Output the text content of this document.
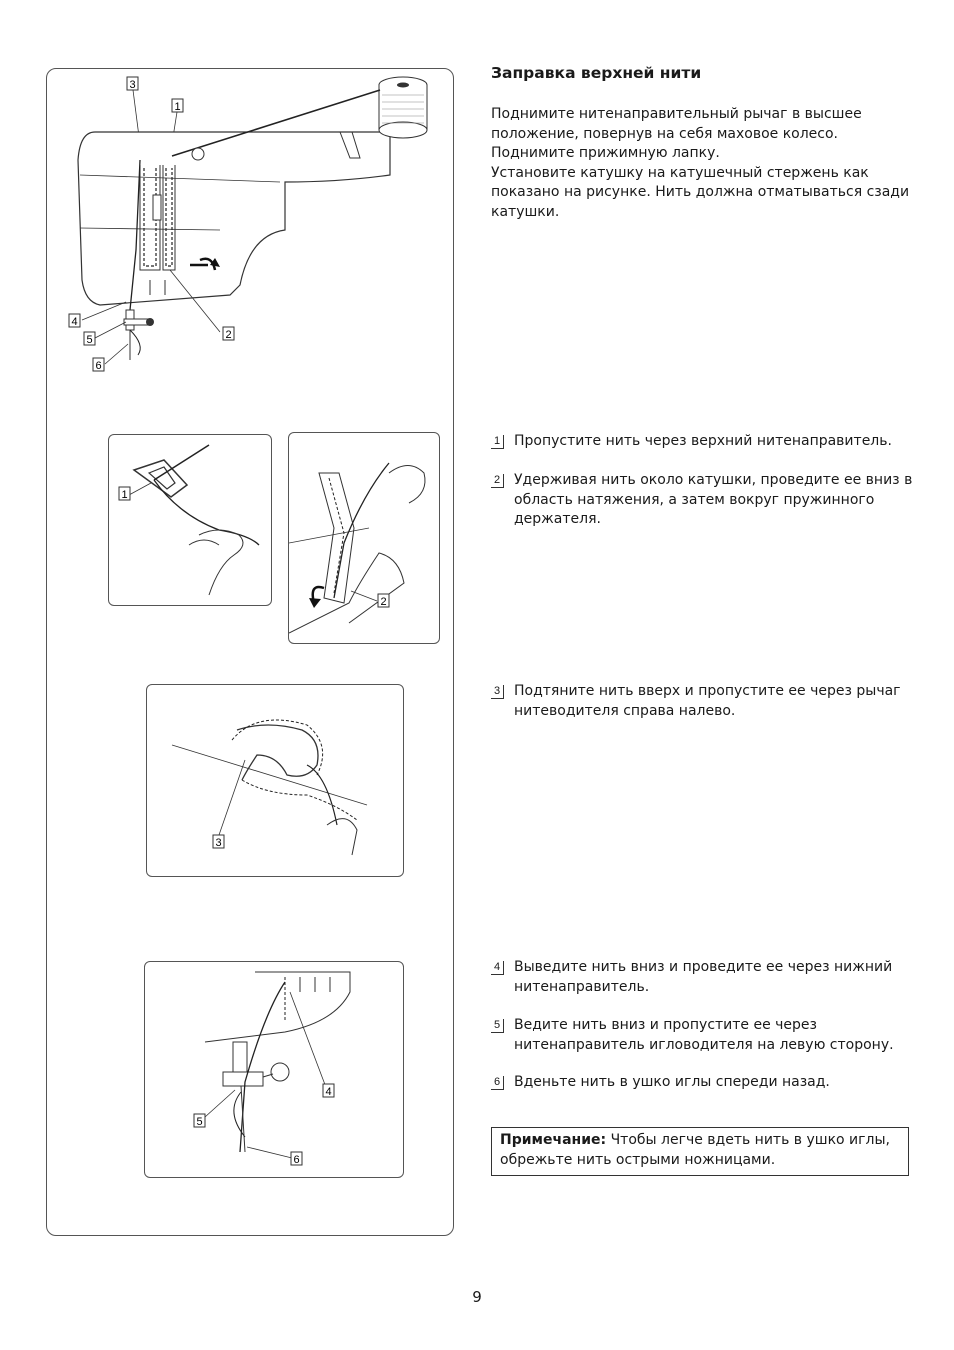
3
1
4
5
6
2
1
2
3
4
5
6
Заправка верхней нити
Поднимите нитенаправительный рычаг в высшее
положение, повернув на себя маховое колесо.
Поднимите прижимную лапку.
Установите катушку на катушечный стержень как
показано на рисунке. Нить должна отматываться сзади
катушки.
1 Пропустите нить через верхний нитенаправитель.
2 Удерживая нить около катушки, проведите ее вниз в
область натяжения, а затем вокруг пружинного
держателя.
3 Подтяните нить вверх и пропустите ее через рычаг
нитеводителя справа налево.
4 Выведите нить вниз и проведите ее через нижний
нитенаправитель.
5 Ведите нить вниз и пропустите ее через
нитенаправитель игловодителя на левую сторону.
6 Вденьте нить в ушко иглы спереди назад.
Примечание: Чтобы легче вдеть нить в ушко иглы,
обрежьте нить острыми ножницами.
9
